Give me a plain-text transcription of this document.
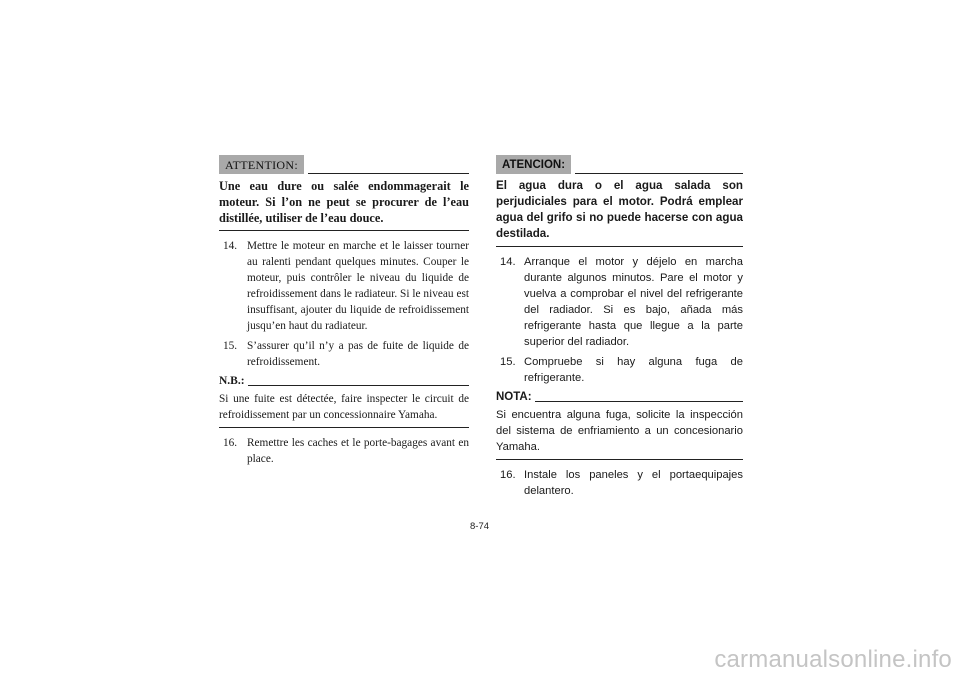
ATTENTION:
Une eau dure ou salée endommagerait le moteur. Si l’on ne peut se procurer de l’eau distillée, utiliser de l’eau douce.
14. Mettre le moteur en marche et le laisser tourner au ralenti pendant quelques minutes. Couper le moteur, puis contrôler le niveau du liquide de refroidissement dans le radiateur. Si le niveau est insuffisant, ajouter du liquide de refroidissement jusqu’en haut du radiateur.
15. S’assurer qu’il n’y a pas de fuite de liquide de refroidissement.
N.B.:
Si une fuite est détectée, faire inspecter le circuit de refroidissement par un concessionnaire Yamaha.
16. Remettre les caches et le porte-bagages avant en place.
ATENCION:
El agua dura o el agua salada son perjudiciales para el motor. Podrá emplear agua del grifo si no puede hacerse con agua destilada.
14. Arranque el motor y déjelo en marcha durante algunos minutos. Pare el motor y vuelva a comprobar el nivel del refrigerante del radiador. Si es bajo, añada más refrigerante hasta que llegue a la parte superior del radiador.
15. Compruebe si hay alguna fuga de refrigerante.
NOTA:
Si encuentra alguna fuga, solicite la inspección del sistema de enfriamiento a un concesionario Yamaha.
16. Instale los paneles y el portaequipajes delantero.
8-74
carmanualsonline.info
